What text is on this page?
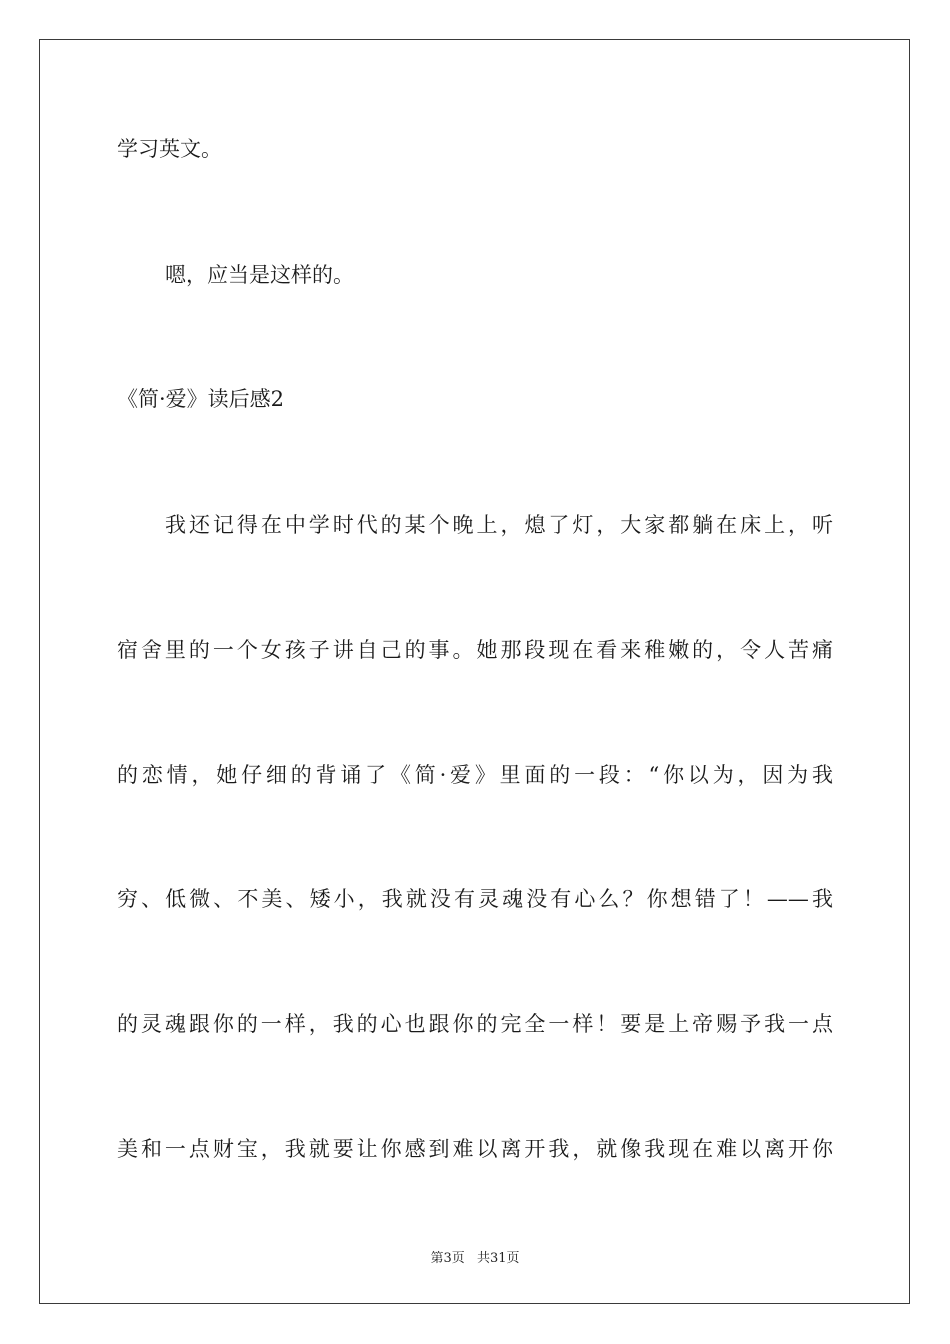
学习英文。
嗯，应当是这样的。
《简·爱》读后感2
我还记得在中学时代的某个晚上，熄了灯，大家都躺在床上，听
宿舍里的一个女孩子讲自己的事。她那段现在看来稚嫩的，令人苦痛
的恋情，她仔细的背诵了《简·爱》里面的一段：“你以为，因为我
穷、低微、不美、矮小，我就没有灵魂没有心么？你想错了！——我
的灵魂跟你的一样，我的心也跟你的完全一样！要是上帝赐予我一点
美和一点财宝，我就要让你感到难以离开我，就像我现在难以离开你
第3页 共31页
